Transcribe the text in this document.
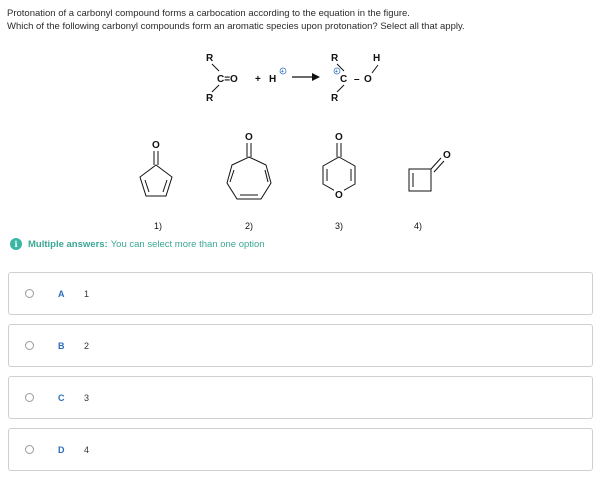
Protonation of a carbonyl compound forms a carbocation according to the equation in the figure.

Which of the following carbonyl compounds form an aromatic species upon protonation? Select all that apply.

R
C=O
R
+ H
+
R	H
+
C – O
R
O
1)
O
2)
O
O
3)
O
4)
i	Multiple answers: You can select more than one option
A 1
B 2
C 3
D 4
